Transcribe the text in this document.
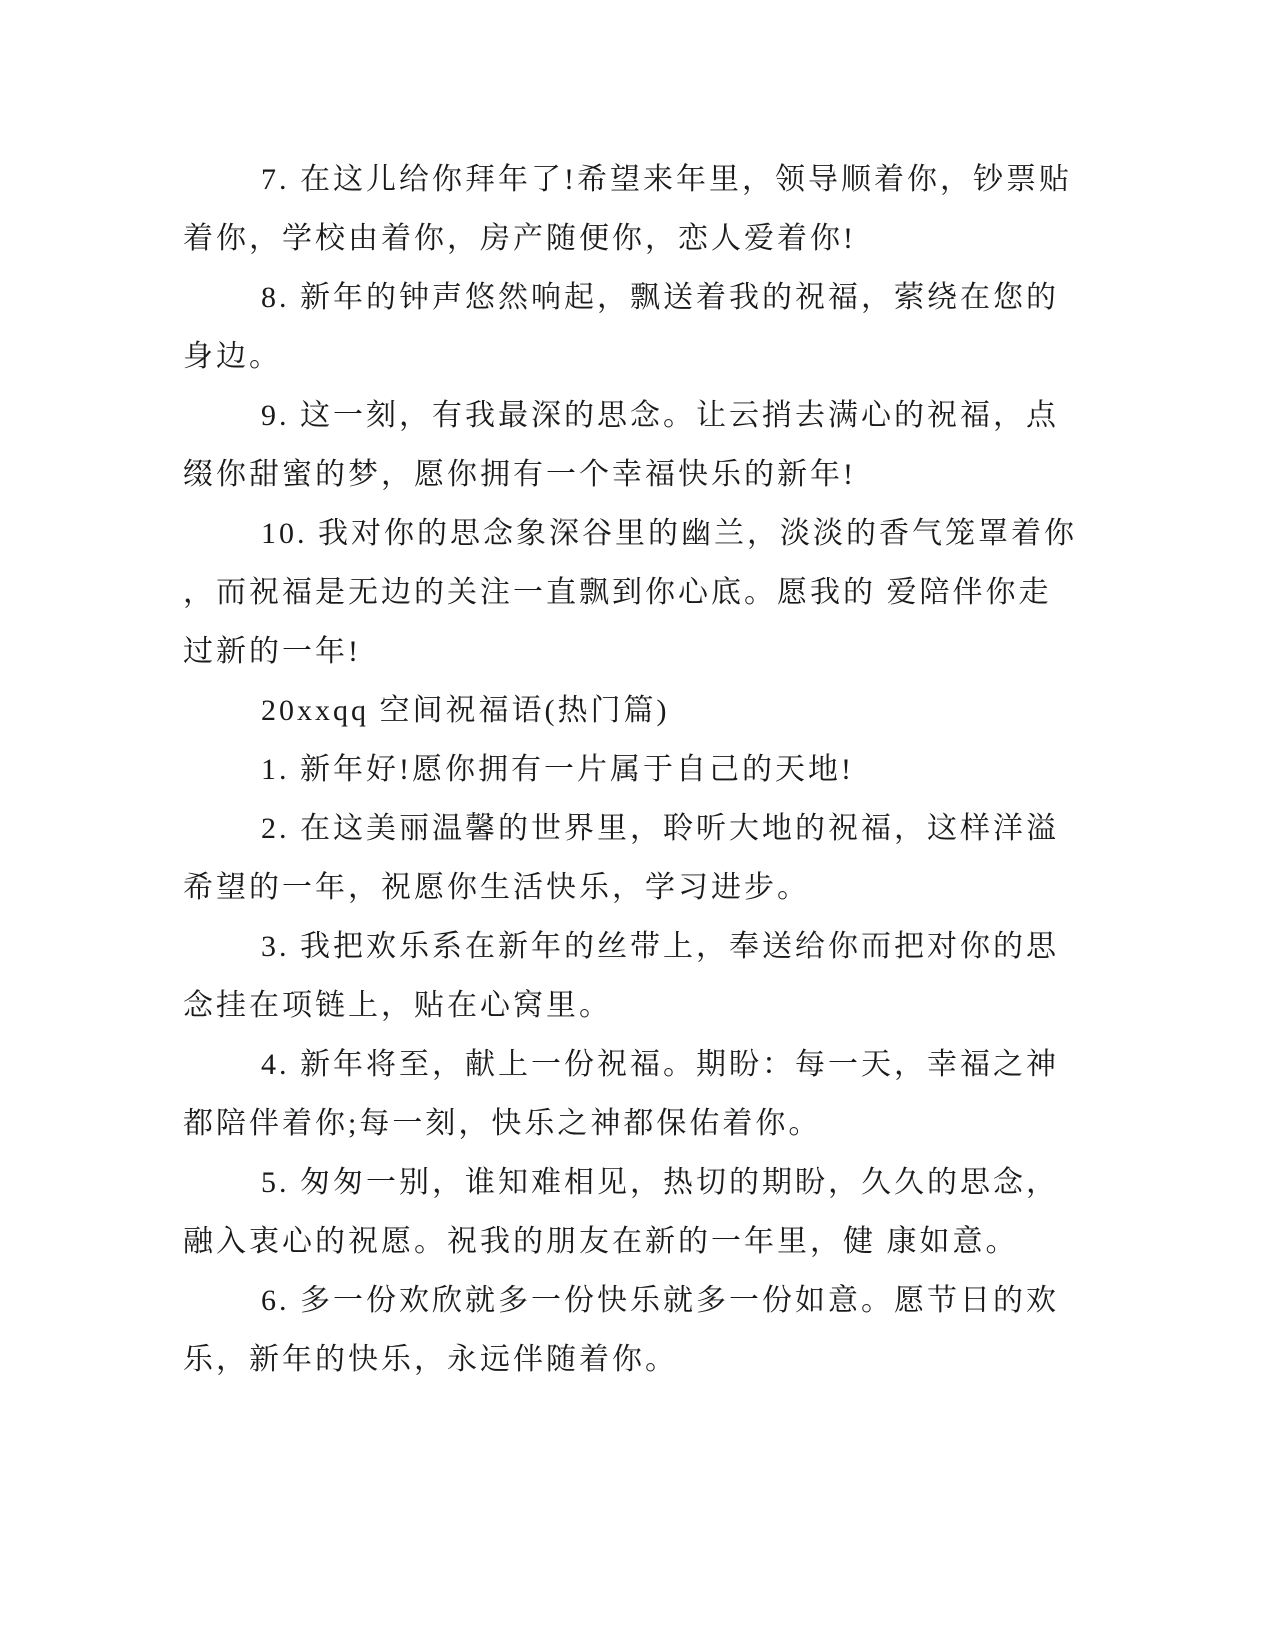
7. 在这儿给你拜年了!希望来年里，领导顺着你，钞票贴
着你，学校由着你，房产随便你，恋人爱着你!

8. 新年的钟声悠然响起，飘送着我的祝福，萦绕在您的
身边。

9. 这一刻，有我最深的思念。让云捎去满心的祝福，点
缀你甜蜜的梦，愿你拥有一个幸福快乐的新年!

10. 我对你的思念象深谷里的幽兰，淡淡的香气笼罩着你
，而祝福是无边的关注一直飘到你心底。愿我的 爱陪伴你走
过新的一年!

20xxqq 空间祝福语(热门篇)

1. 新年好!愿你拥有一片属于自己的天地!

2. 在这美丽温馨的世界里，聆听大地的祝福，这样洋溢
希望的一年，祝愿你生活快乐，学习进步。

3. 我把欢乐系在新年的丝带上，奉送给你而把对你的思
念挂在项链上，贴在心窝里。

4. 新年将至，献上一份祝福。期盼：每一天，幸福之神
都陪伴着你;每一刻，快乐之神都保佑着你。

5. 匆匆一别，谁知难相见，热切的期盼，久久的思念，
融入衷心的祝愿。祝我的朋友在新的一年里，健 康如意。

6. 多一份欢欣就多一份快乐就多一份如意。愿节日的欢
乐，新年的快乐，永远伴随着你。
